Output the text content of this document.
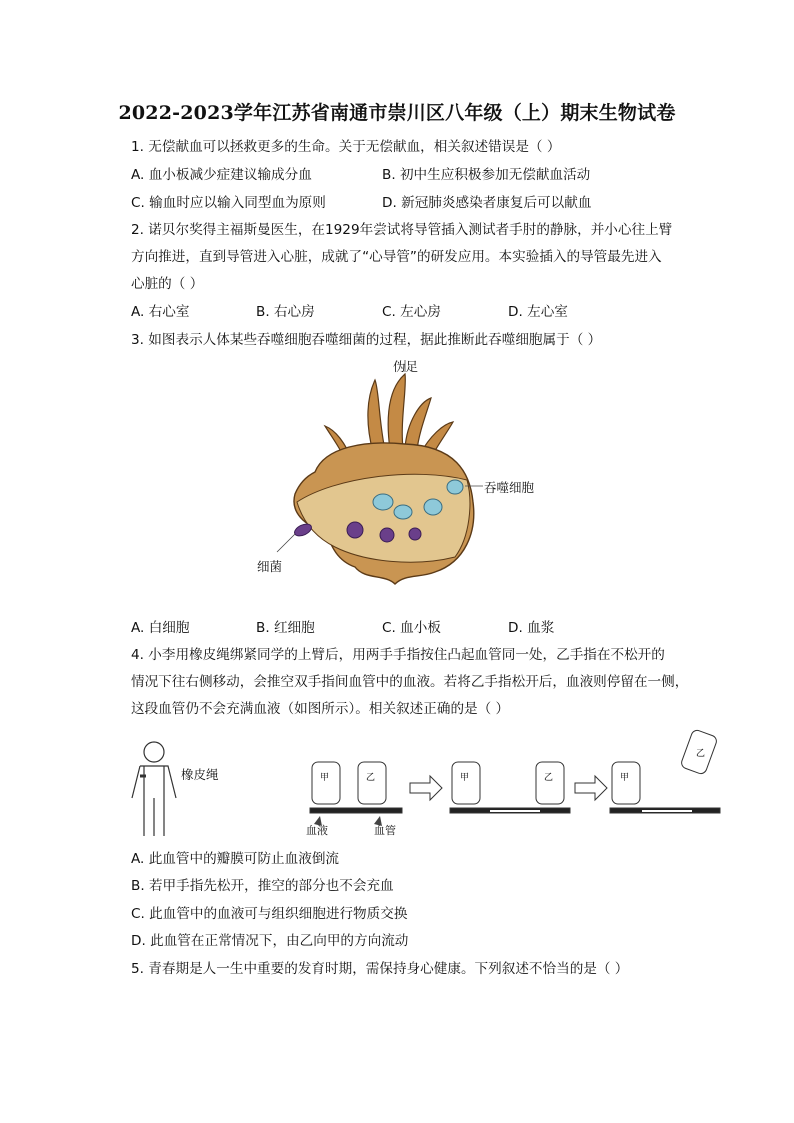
2022-2023学年江苏省南通市崇川区八年级（上）期末生物试卷
1. 无偿献血可以拯救更多的生命。关于无偿献血，相关叙述错误是（ ）
A. 血小板减少症建议输成分血	B. 初中生应积极参加无偿献血活动
C. 输血时应以输入同型血为原则	D. 新冠肺炎感染者康复后可以献血
2. 诺贝尔奖得主福斯曼医生，在1929年尝试将导管插入测试者手肘的静脉，并小心往上臂
方向推进，直到导管进入心脏，成就了“心导管”的研发应用。本实验插入的导管最先进入
心脏的（ ）
A. 右心室	B. 右心房	C. 左心房	D. 左心室
3. 如图表示人体某些吞噬细胞吞噬细菌的过程，据此推断此吞噬细胞属于（ ）
伪足
吞噬细胞
细菌
A. 白细胞	B. 红细胞	C. 血小板	D. 血浆
4. 小李用橡皮绳绑紧同学的上臂后，用两手手指按住凸起血管同一处，乙手指在不松开的
情况下往右侧移动，会推空双手指间血管中的血液。若将乙手指松开后，血液则停留在一侧，
这段血管仍不会充满血液（如图所示）。相关叙述正确的是（ ）
橡皮绳	甲	乙	甲	乙	甲
乙
血液	血管
A. 此血管中的瓣膜可防止血液倒流
B. 若甲手指先松开，推空的部分也不会充血
C. 此血管中的血液可与组织细胞进行物质交换
D. 此血管在正常情况下，由乙向甲的方向流动
5. 青春期是人一生中重要的发育时期，需保持身心健康。下列叙述不恰当的是（ ）
